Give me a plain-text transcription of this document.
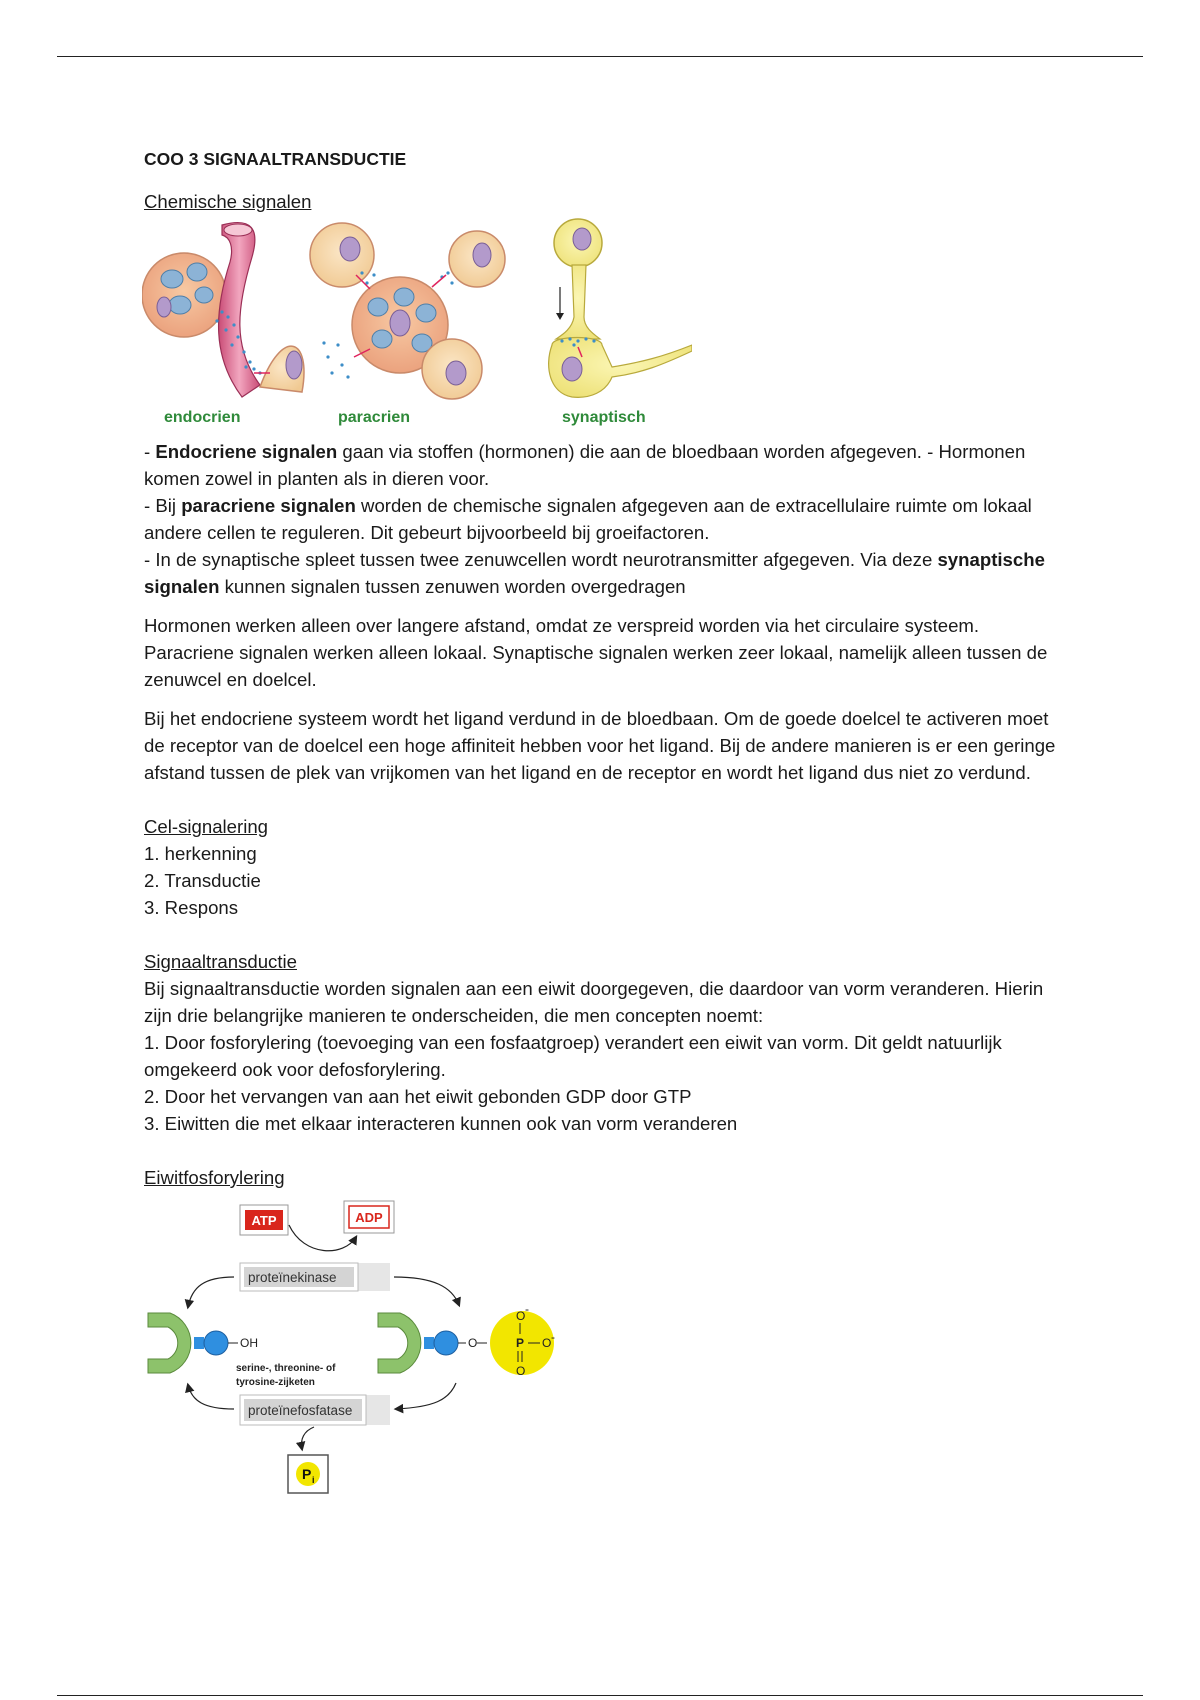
COO 3 SIGNAALTRANSDUCTIE

Chemische signalen

endocrien	paracrien	synaptisch

- Endocriene signalen gaan via stoffen (hormonen) die aan de bloedbaan worden afgegeven. - Hormonen komen zowel in planten als in dieren voor.

- Bij paracriene signalen worden de chemische signalen afgegeven aan de extracellulaire ruimte om lokaal andere cellen te reguleren. Dit gebeurt bijvoorbeeld bij groeifactoren.

- In de synaptische spleet tussen twee zenuwcellen wordt neurotransmitter afgegeven. Via deze synaptische signalen kunnen signalen tussen zenuwen worden overgedragen

Hormonen werken alleen over langere afstand, omdat ze verspreid worden via het circulaire systeem. Paracriene signalen werken alleen lokaal. Synaptische signalen werken zeer lokaal, namelijk alleen tussen de zenuwcel en doelcel.

Bij het endocriene systeem wordt het ligand verdund in de bloedbaan. Om de goede doelcel te activeren moet de receptor van de doelcel een hoge affiniteit hebben voor het ligand. Bij de andere manieren is er een geringe afstand tussen de plek van vrijkomen van het ligand en de receptor en wordt het ligand dus niet zo verdund.

Cel-signalering

1. herkenning

2. Transductie

3. Respons

Signaaltransductie

Bij signaaltransductie worden signalen aan een eiwit doorgegeven, die daardoor van vorm veranderen. Hierin zijn drie belangrijke manieren te onderscheiden, die men concepten noemt:

1. Door fosforylering (toevoeging van een fosfaatgroep) verandert een eiwit van vorm. Dit geldt natuurlijk omgekeerd ook voor defosforylering.

2. Door het vervangen van aan het eiwit gebonden GDP door GTP

3. Eiwitten die met elkaar interacteren kunnen ook van vorm veranderen

Eiwitfosforylering

ATP	ADP
proteïnekinase
OH
serine-, threonine- of
tyrosine-zijketen
O	P
O -
O -
O
proteïnefosfatase
P i
